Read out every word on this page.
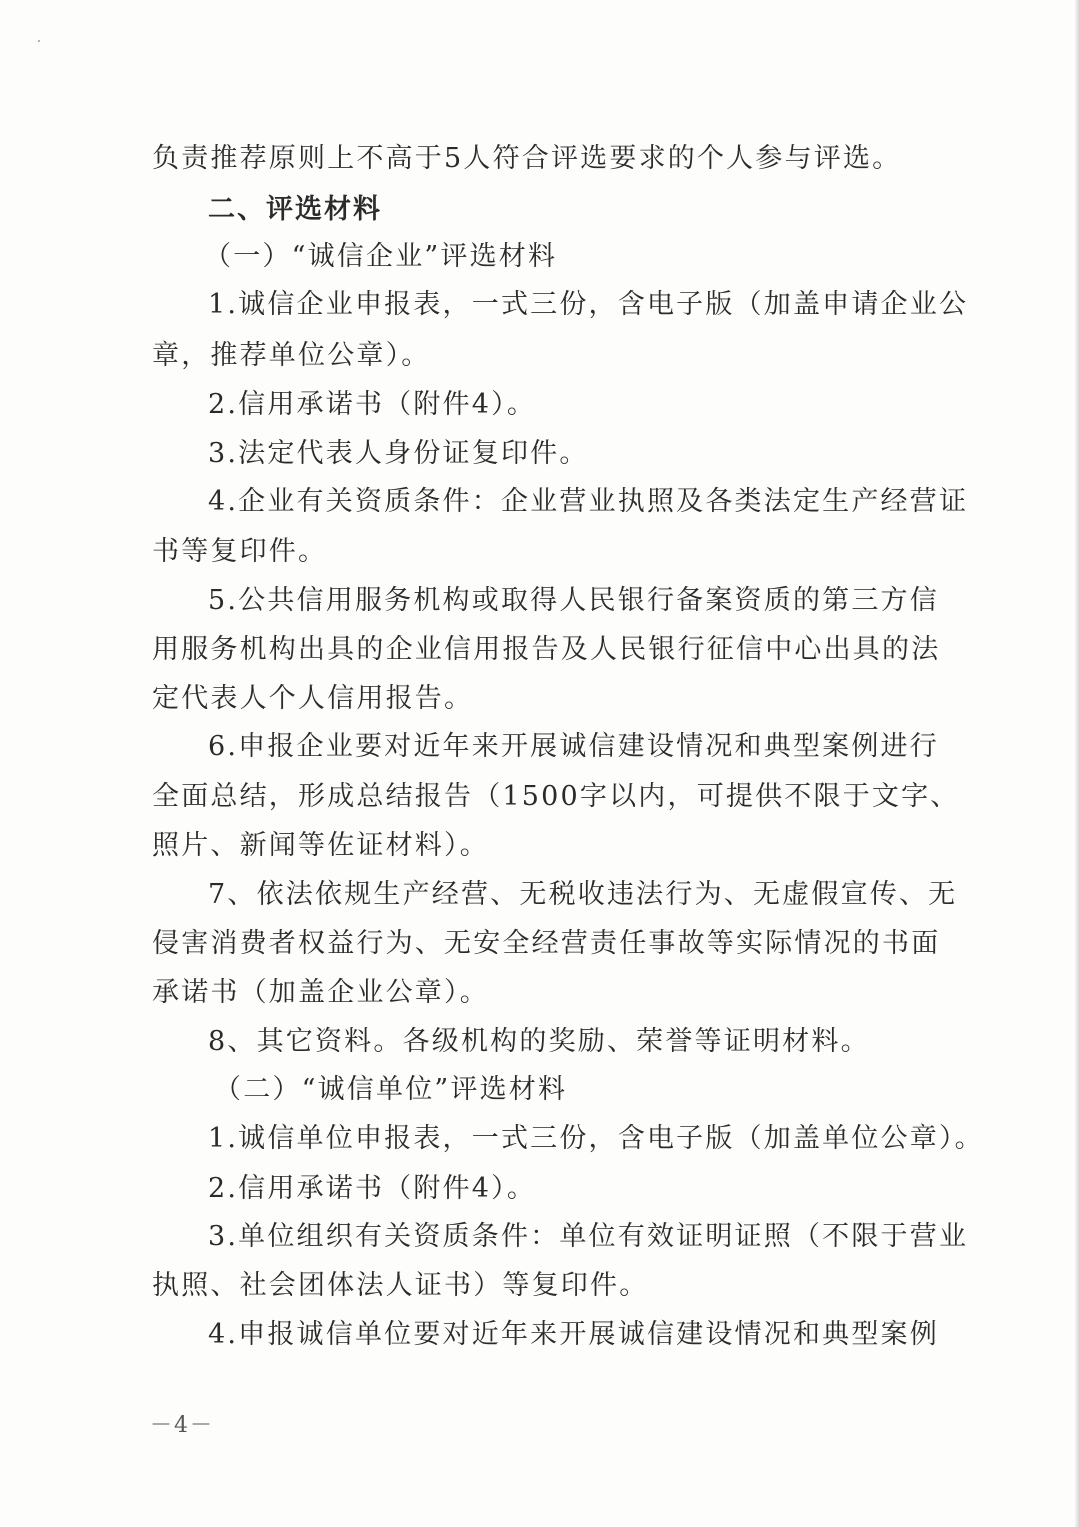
负责推荐原则上不高于5人符合评选要求的个人参与评选。
二、评选材料
（一）“诚信企业”评选材料
1.诚信企业申报表，一式三份，含电子版（加盖申请企业公
章，推荐单位公章）。
2.信用承诺书（附件4）。
3.法定代表人身份证复印件。
4.企业有关资质条件：企业营业执照及各类法定生产经营证
书等复印件。
5.公共信用服务机构或取得人民银行备案资质的第三方信
用服务机构出具的企业信用报告及人民银行征信中心出具的法
定代表人个人信用报告。
6.申报企业要对近年来开展诚信建设情况和典型案例进行
全面总结，形成总结报告（1500字以内，可提供不限于文字、
照片、新闻等佐证材料）。
7、依法依规生产经营、无税收违法行为、无虚假宣传、无
侵害消费者权益行为、无安全经营责任事故等实际情况的书面
承诺书（加盖企业公章）。
8、其它资料。各级机构的奖励、荣誉等证明材料。
（二）“诚信单位”评选材料
1.诚信单位申报表，一式三份，含电子版（加盖单位公章）。
2.信用承诺书（附件4）。
3.单位组织有关资质条件：单位有效证明证照（不限于营业
执照、社会团体法人证书）等复印件。
4.申报诚信单位要对近年来开展诚信建设情况和典型案例
－4－
